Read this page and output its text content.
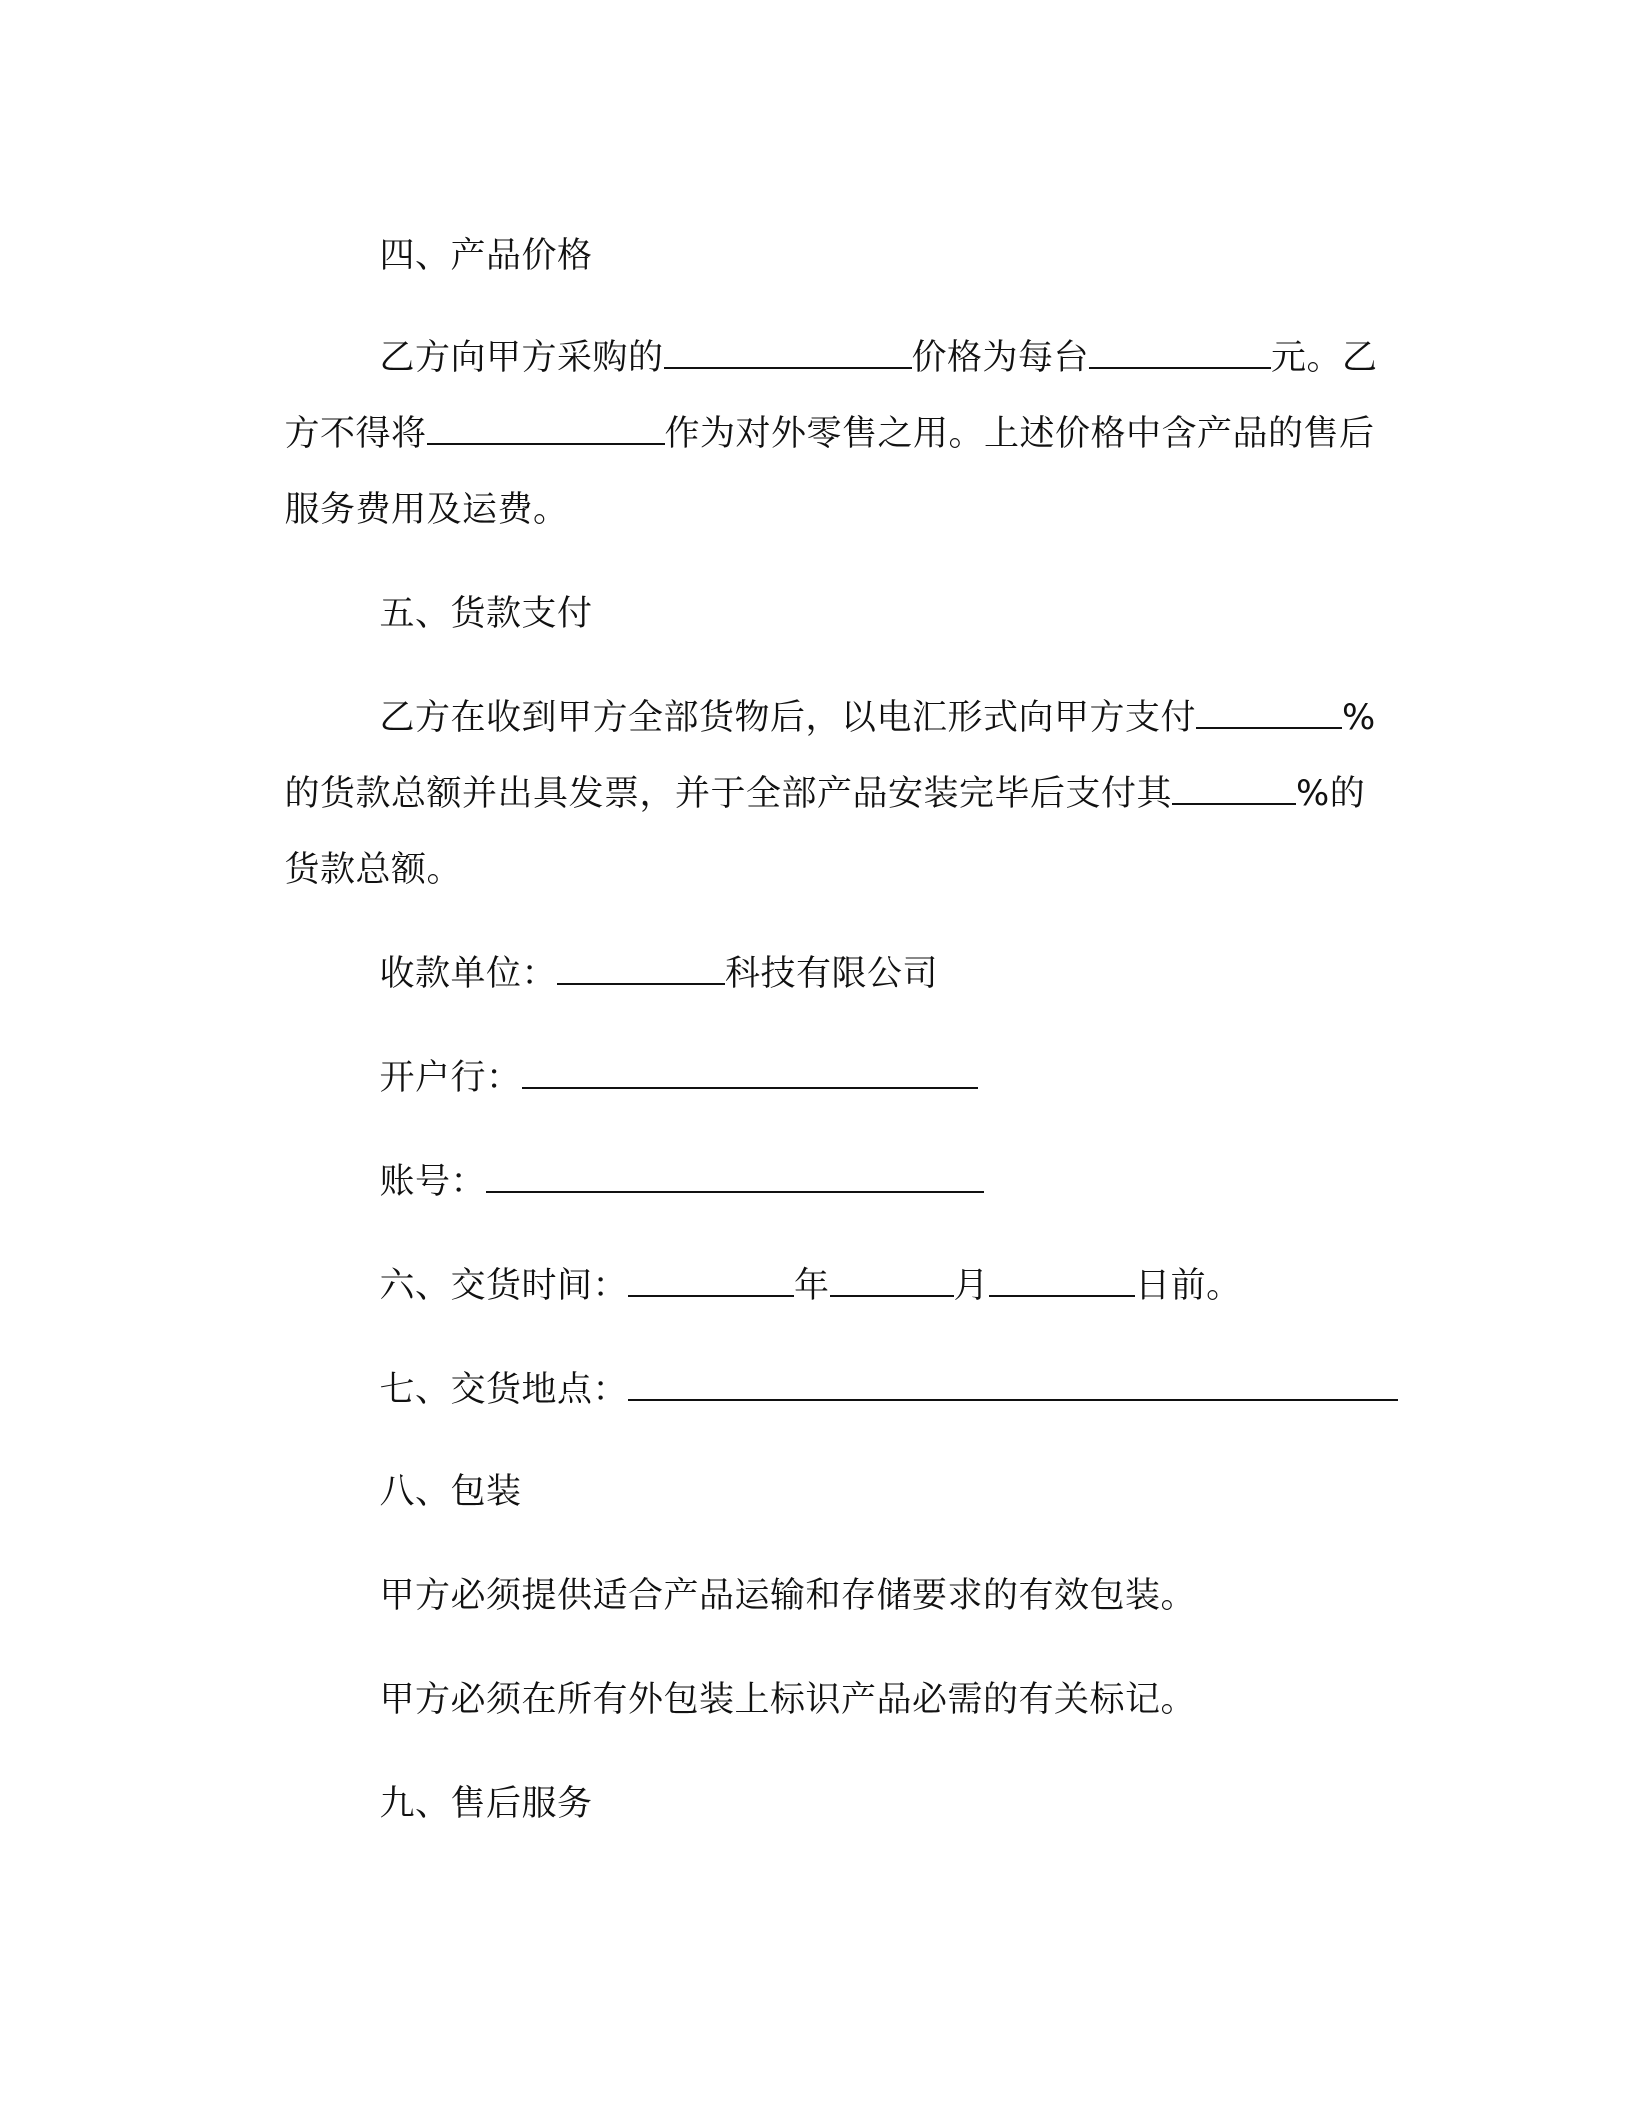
四、产品价格

乙方向甲方采购的	价格为每台	元。乙

方不得将	作为对外零售之用。上述价格中含产品的售后

服务费用及运费。

五、货款支付

乙方在收到甲方全部货物后，以电汇形式向甲方支付	%

的货款总额并出具发票，并于全部产品安装完毕后支付其	%的

货款总额。

收款单位：	科技有限公司

开户行：

账号：

六、交货时间：	年	月	日前。

七、交货地点：

八、包装

甲方必须提供适合产品运输和存储要求的有效包装。

甲方必须在所有外包装上标识产品必需的有关标记。

九、售后服务
